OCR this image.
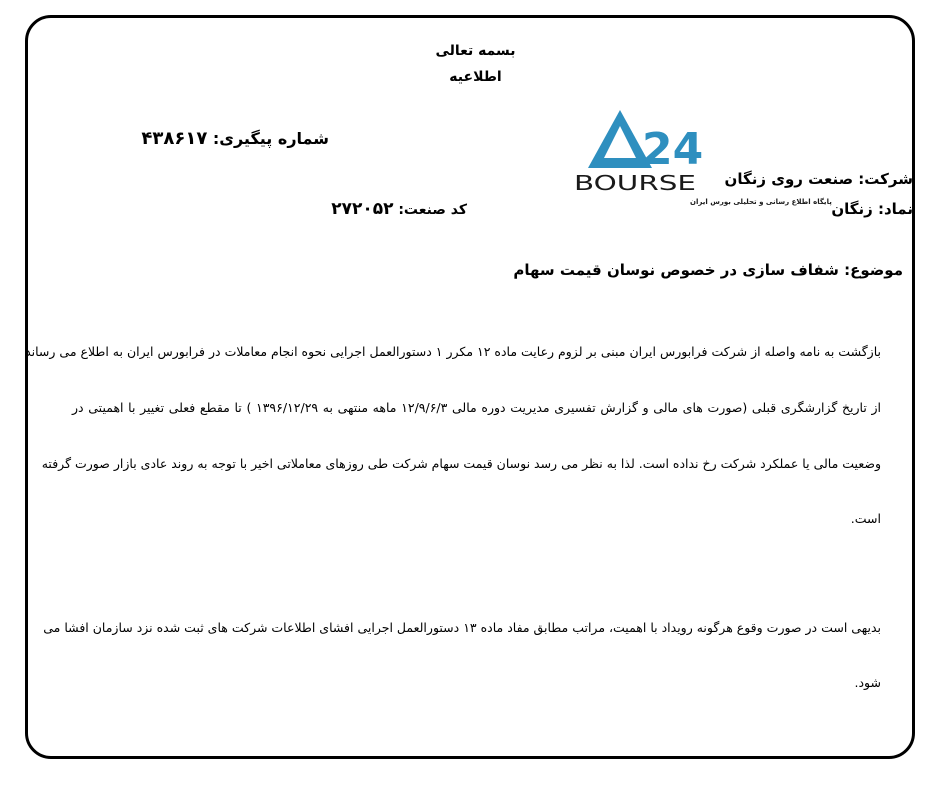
بسمه تعالی
اطلاعیه
شماره پیگیری: ۴۳۸۶۱۷
کد صنعت: ۲۷۲۰۵۲
شرکت: صنعت روی زنگان
نماد: زنگان
موضوع: شفاف سازی در خصوص نوسان قیمت سهام
24
BOURSE
پایگاه اطلاع رسانی و تحلیلی بورس ایران
بازگشت به نامه واصله از شرکت فرابورس ایران مبنی بر لزوم رعایت ماده ۱۲ مکرر ۱ دستورالعمل اجرایی نحوه انجام معاملات در فرابورس ایران به اطلاع می رساند
از تاریخ گزارشگری قبلی (صورت های مالی و گزارش تفسیری مدیریت دوره مالی ۱۲/۹/۶/۳ ماهه منتهی به ۱۳۹۶/۱۲/۲۹ ) تا مقطع فعلی تغییر با اهمیتی در
وضعیت مالی یا عملکرد شرکت رخ نداده است. لذا به نظر می رسد نوسان قیمت سهام شرکت طی روزهای معاملاتی اخیر با توجه به روند عادی بازار صورت گرفته
است.
بدیهی است در صورت وقوع هرگونه رویداد با اهمیت، مراتب مطابق مفاد ماده ۱۳ دستورالعمل اجرایی افشای اطلاعات شرکت های ثبت شده نزد سازمان افشا می
شود.
